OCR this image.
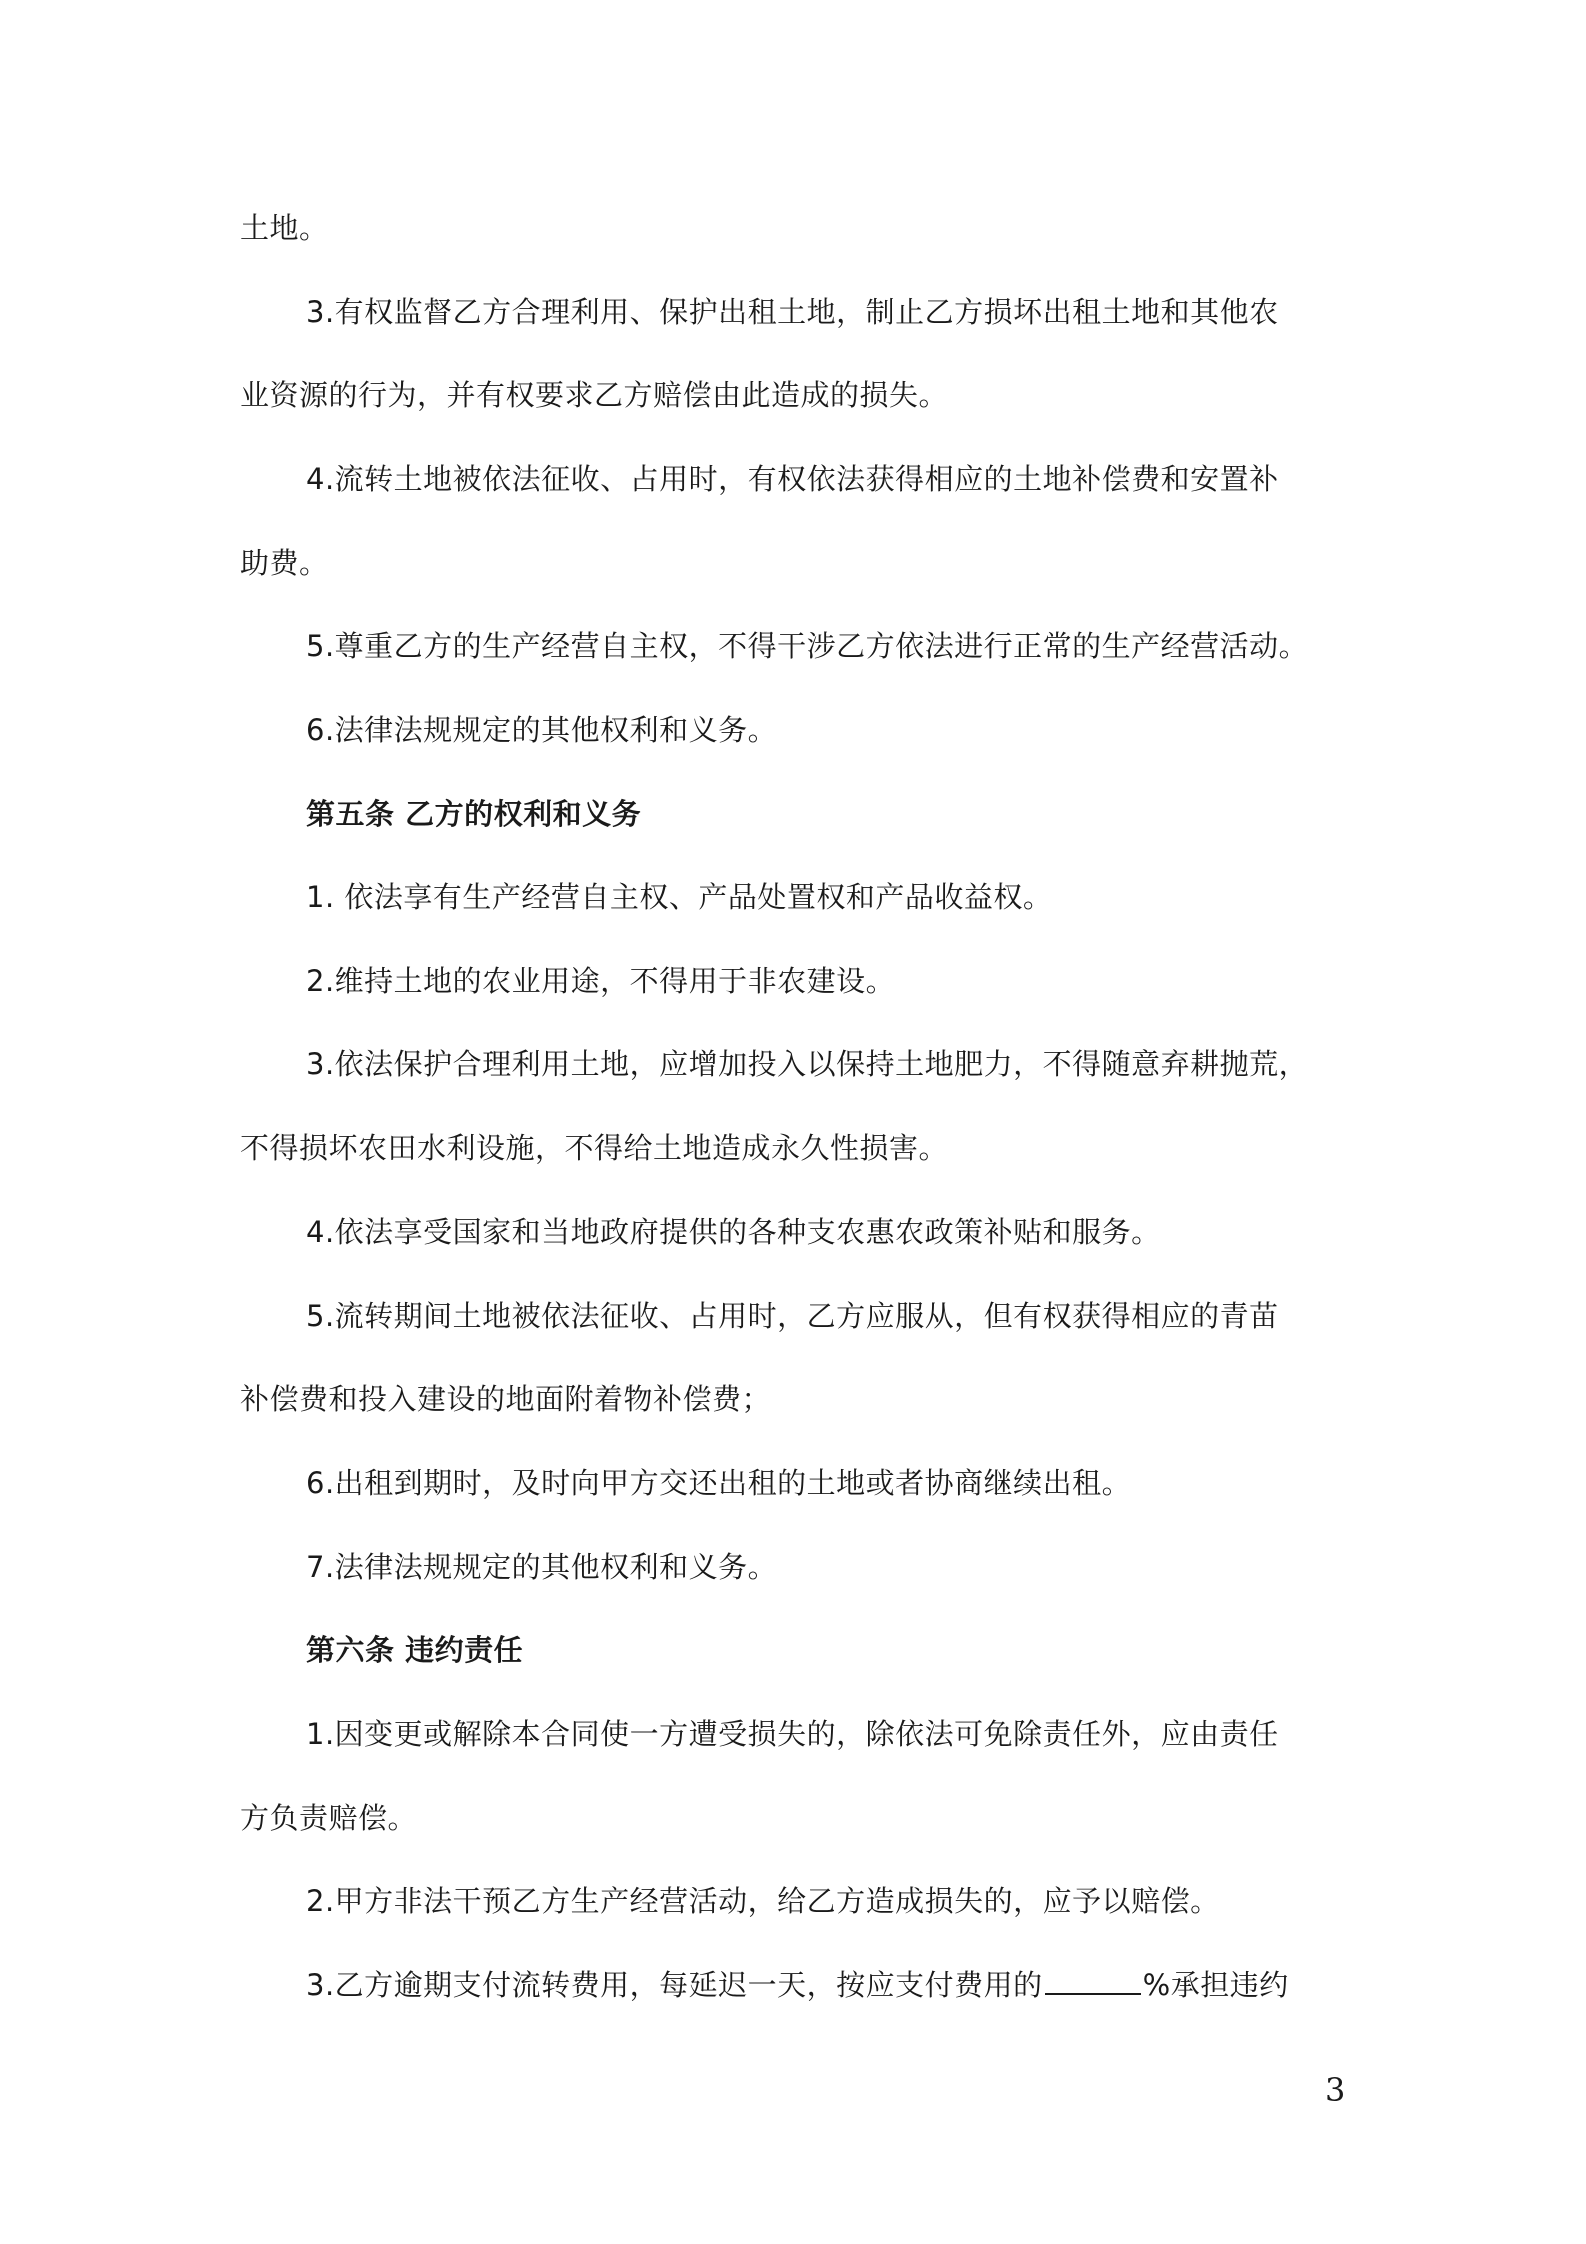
土地。
3.有权监督乙方合理利用、保护出租土地，制止乙方损坏出租土地和其他农
业资源的行为，并有权要求乙方赔偿由此造成的损失。
4.流转土地被依法征收、占用时，有权依法获得相应的土地补偿费和安置补
助费。
5.尊重乙方的生产经营自主权，不得干涉乙方依法进行正常的生产经营活动。
6.法律法规规定的其他权利和义务。
第五条 乙方的权利和义务
1. 依法享有生产经营自主权、产品处置权和产品收益权。
2.维持土地的农业用途，不得用于非农建设。
3.依法保护合理利用土地，应增加投入以保持土地肥力，不得随意弃耕抛荒，
不得损坏农田水利设施，不得给土地造成永久性损害。
4.依法享受国家和当地政府提供的各种支农惠农政策补贴和服务。
5.流转期间土地被依法征收、占用时，乙方应服从，但有权获得相应的青苗
补偿费和投入建设的地面附着物补偿费；
6.出租到期时，及时向甲方交还出租的土地或者协商继续出租。
7.法律法规规定的其他权利和义务。
第六条 违约责任
1.因变更或解除本合同使一方遭受损失的，除依法可免除责任外，应由责任
方负责赔偿。
2.甲方非法干预乙方生产经营活动，给乙方造成损失的，应予以赔偿。
3.乙方逾期支付流转费用，每延迟一天，按应支付费用的	%承担违约
3
